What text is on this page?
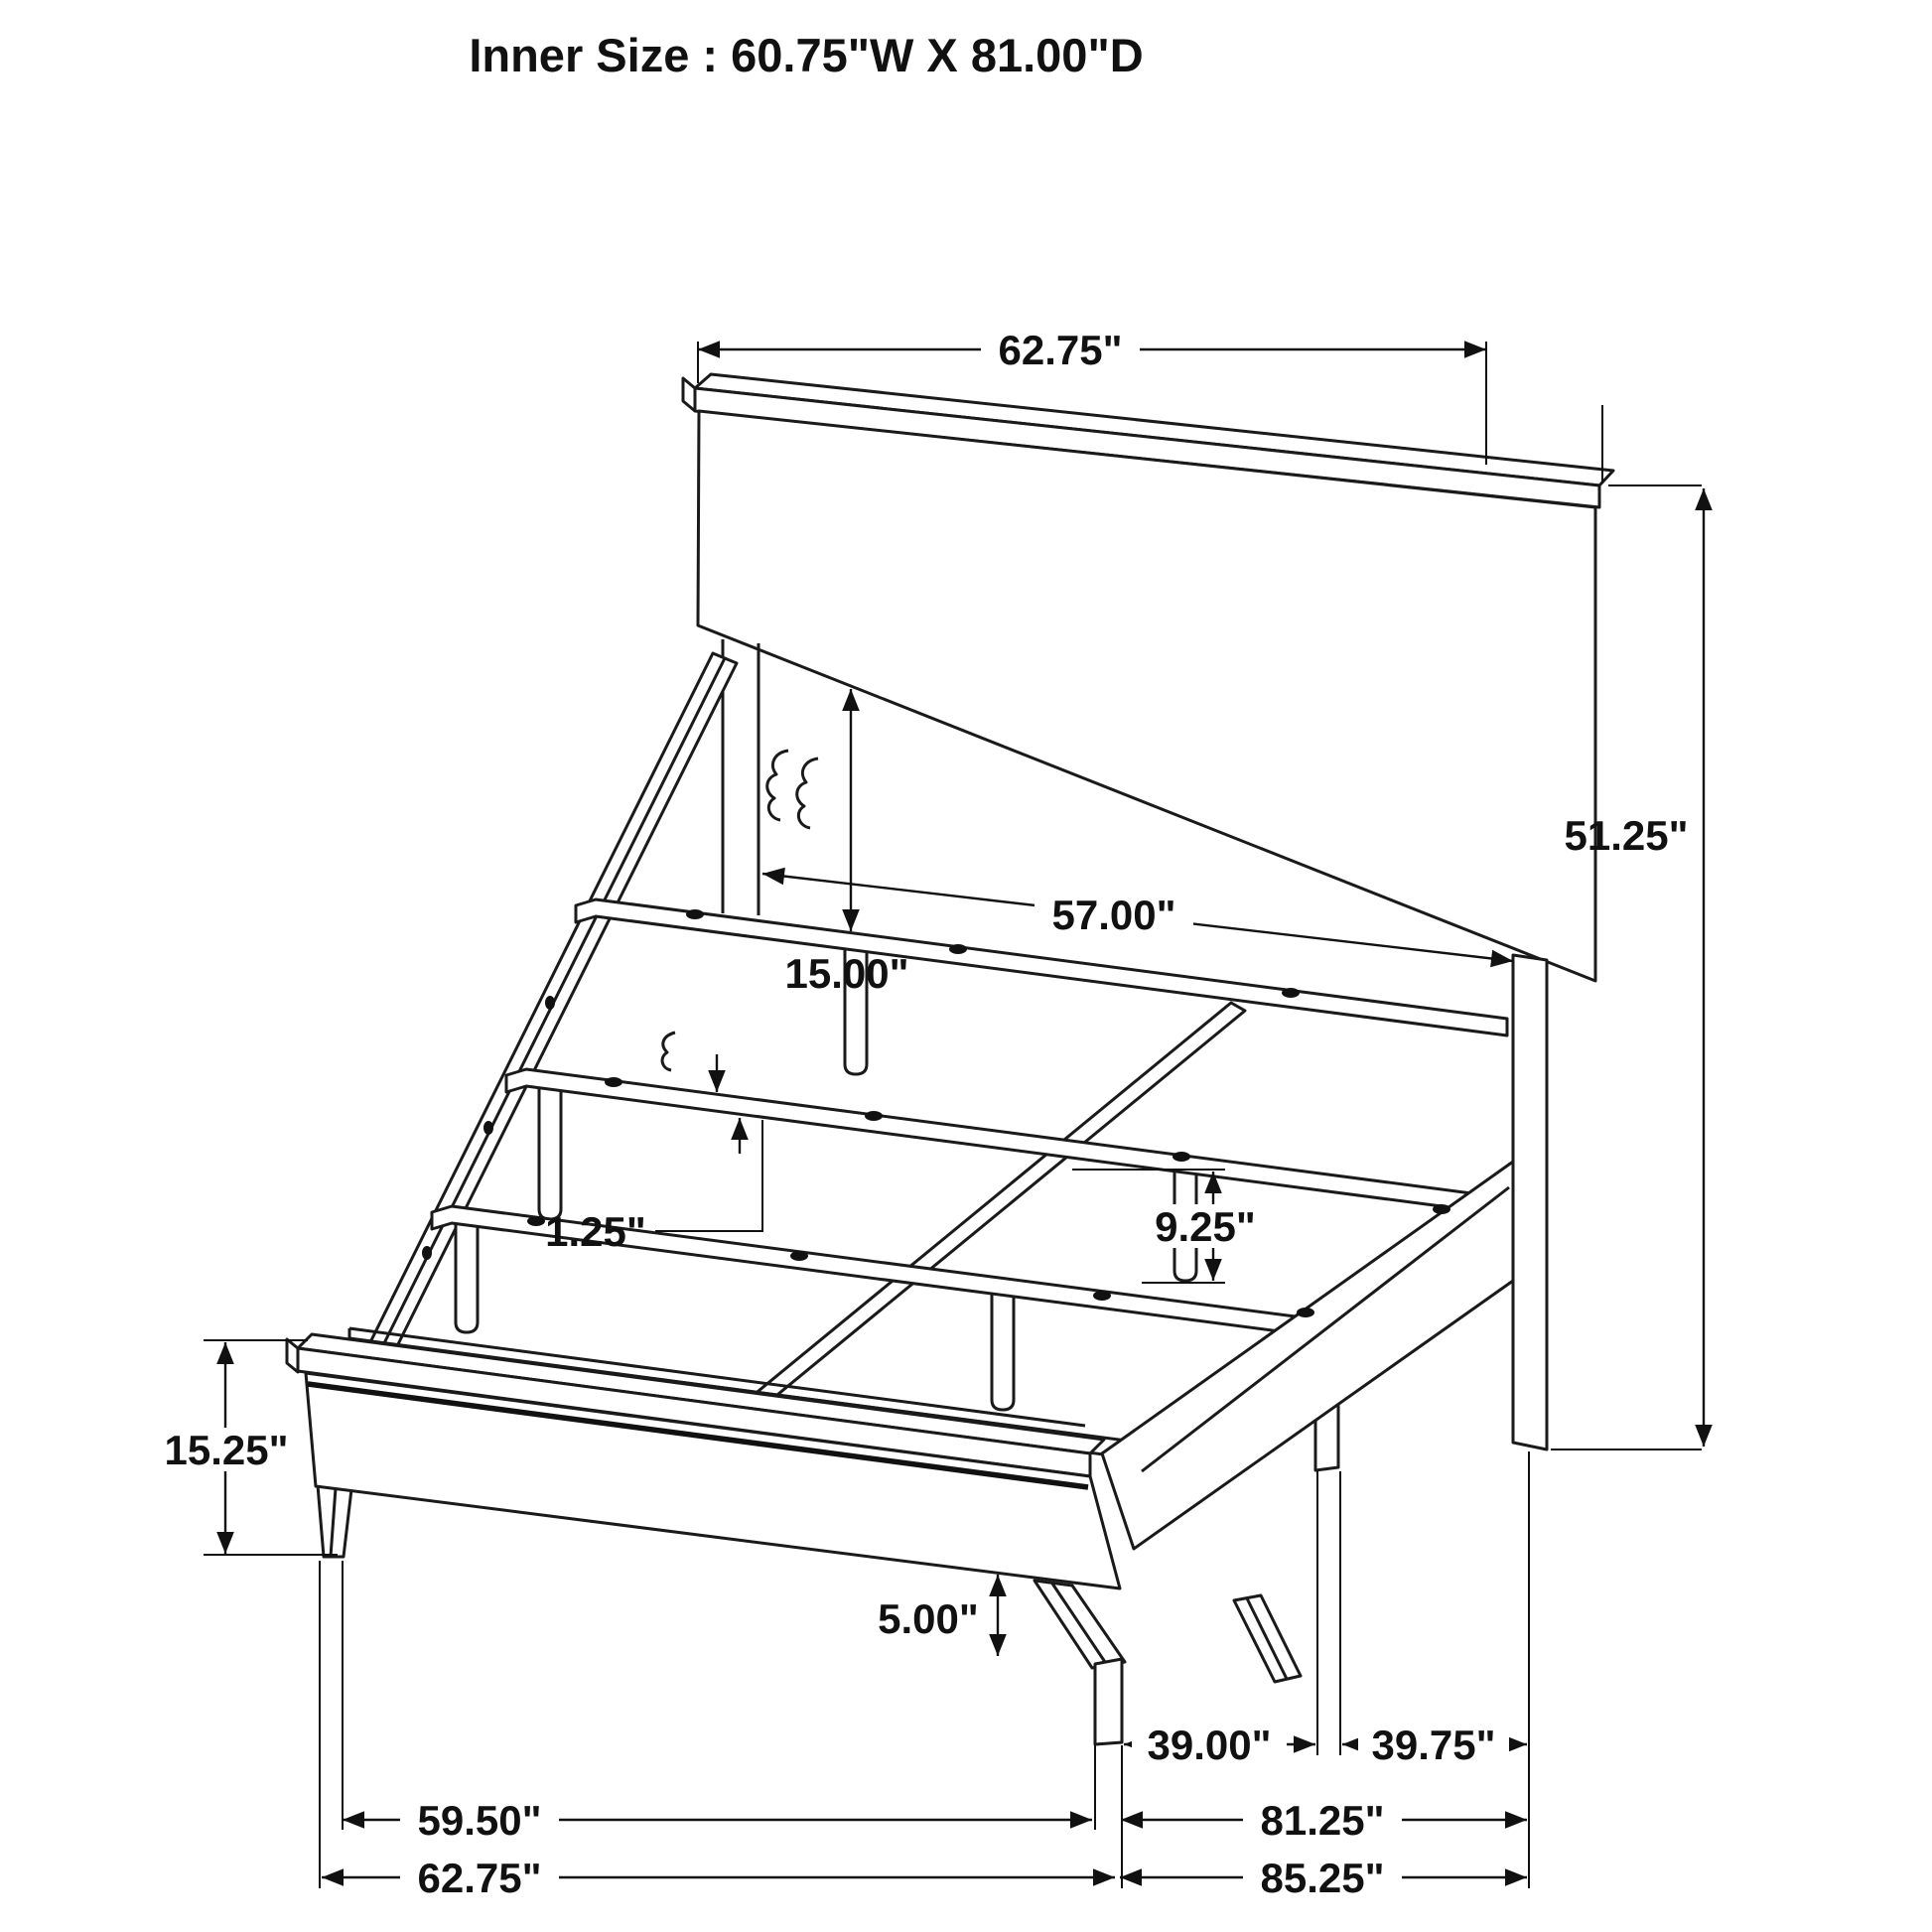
62.75"
51.25"
57.00"
15.00"
1.25"	9.25"
15.25"
5.00"
39.00" 39.75"
81.25"
59.50"
62.75"	85.25"
Inner Size : 60.75"W X 81.00"D
